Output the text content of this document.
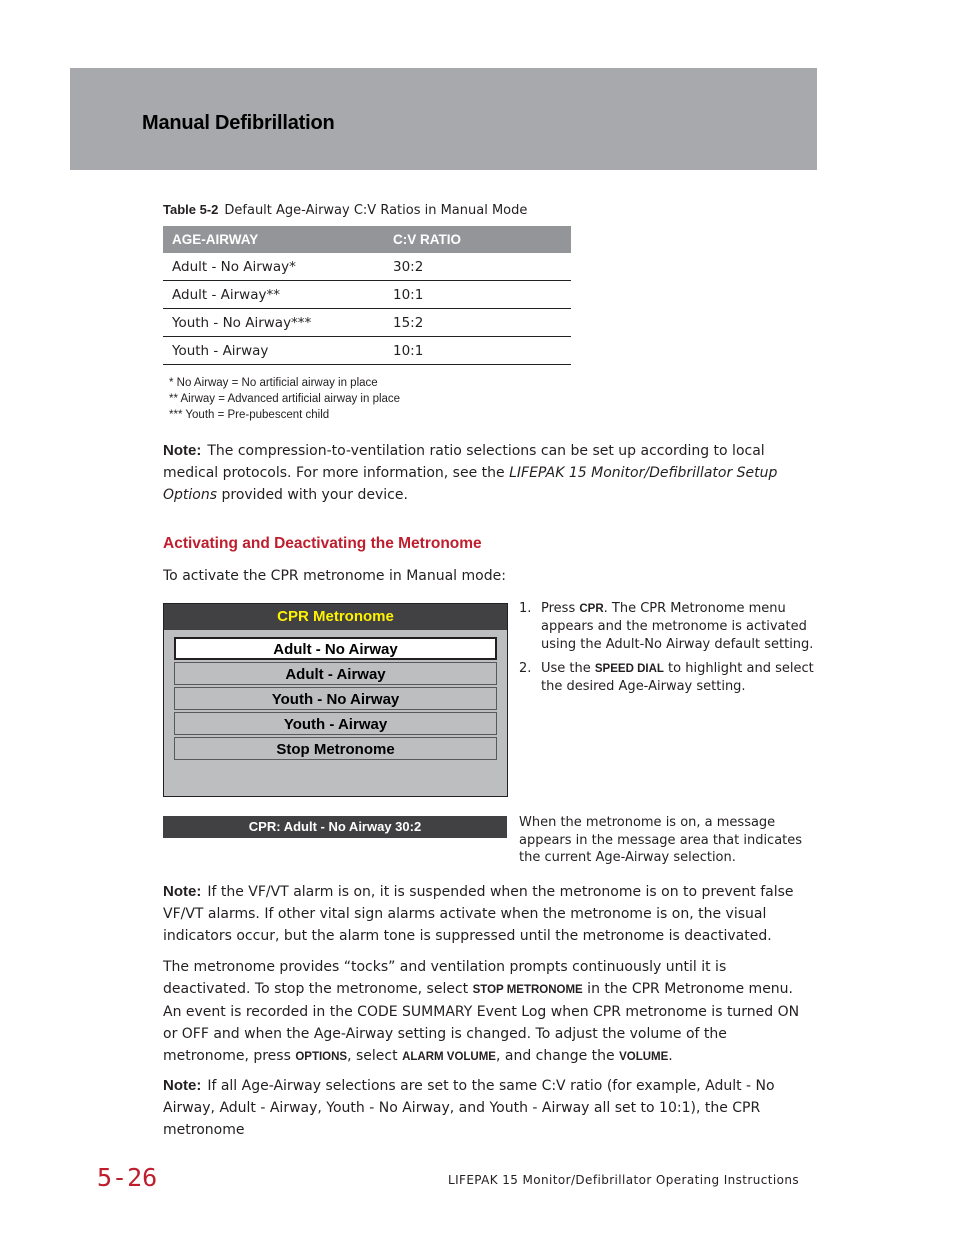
Manual Defibrillation
Table 5-2 Default Age-Airway C:V Ratios in Manual Mode
AGE-AIRWAY	C:V RATIO
Adult - No Airway*	30:2
Adult - Airway**	10:1
Youth - No Airway***	15:2
Youth - Airway	10:1
* No Airway = No artificial airway in place
** Airway = Advanced artificial airway in place
*** Youth = Pre-pubescent child
Note: The compression-to-ventilation ratio selections can be set up according to local medical protocols. For more information, see the LIFEPAK 15 Monitor/Defibrillator Setup Options provided with your device.
Activating and Deactivating the Metronome
To activate the CPR metronome in Manual mode:
CPR Metronome
Adult - No Airway
Adult - Airway
Youth - No Airway
Youth - Airway
Stop Metronome
1. Press CPR. The CPR Metronome menu appears and the metronome is activated using the Adult-No Airway default setting.
2. Use the SPEED DIAL to highlight and select the desired Age-Airway setting.
CPR: Adult - No Airway 30:2	When the metronome is on, a message appears in the message area that indicates the current Age-Airway selection.
Note: If the VF/VT alarm is on, it is suspended when the metronome is on to prevent false VF/VT alarms. If other vital sign alarms activate when the metronome is on, the visual indicators occur, but the alarm tone is suppressed until the metronome is deactivated.
The metronome provides “tocks” and ventilation prompts continuously until it is deactivated. To stop the metronome, select STOP METRONOME in the CPR Metronome menu. An event is recorded in the CODE SUMMARY Event Log when CPR metronome is turned ON or OFF and when the Age-Airway setting is changed. To adjust the volume of the metronome, press OPTIONS, select ALARM VOLUME, and change the VOLUME.
Note: If all Age-Airway selections are set to the same C:V ratio (for example, Adult - No Airway, Adult - Airway, Youth - No Airway, and Youth - Airway all set to 10:1), the CPR metronome
5-26	LIFEPAK 15 Monitor/Defibrillator Operating Instructions
